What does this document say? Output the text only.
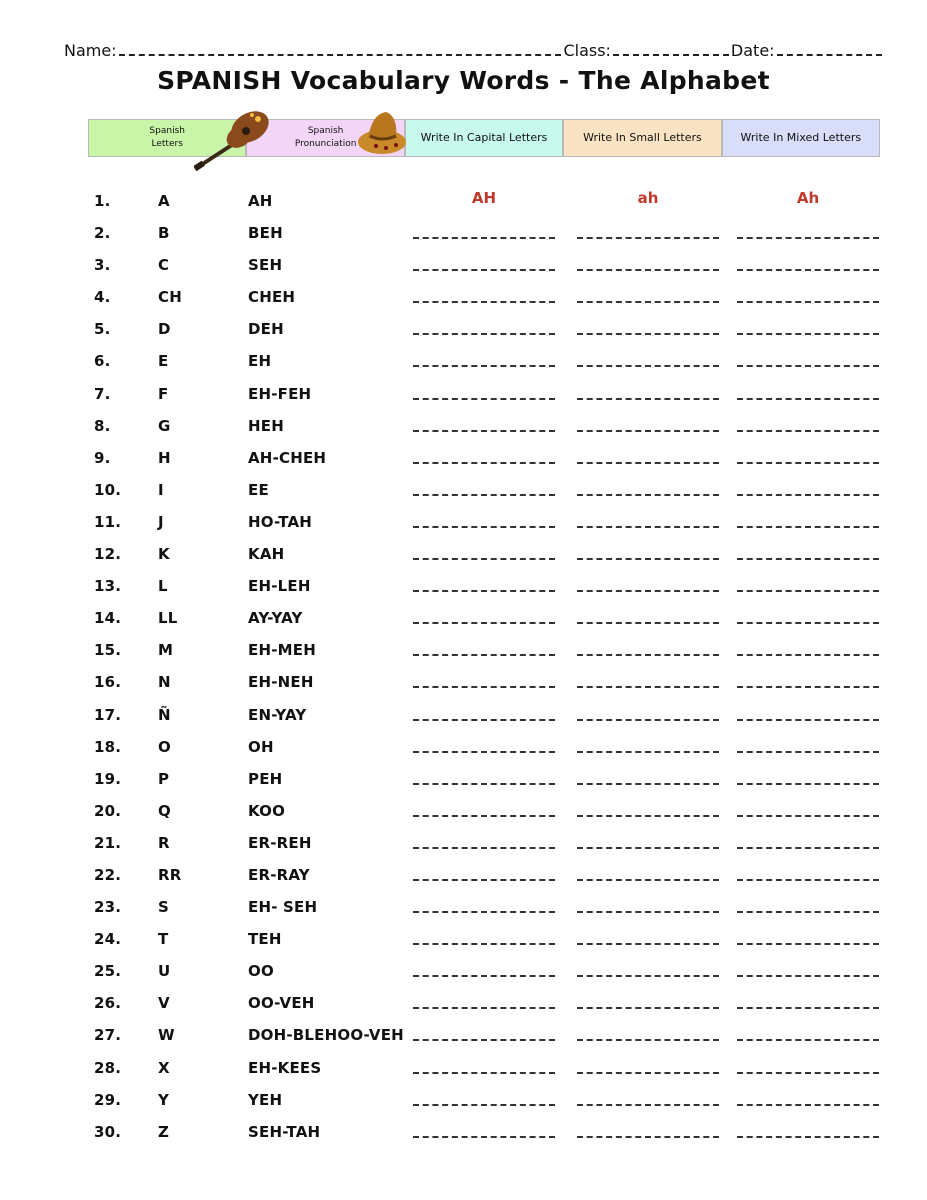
Name:	Class:	Date:
SPANISH Vocabulary Words - The Alphabet
Spanish
Letters
Spanish
Pronunciation	Write In Capital Letters	Write In Small Letters	Write In Mixed Letters
1.	A	AH	AH	ah	Ah
2.	B	BEH
3.	C	SEH
4.	CH	CHEH
5.	D	DEH
6.	E	EH
7.	F	EH-FEH
8.	G	HEH
9.	H	AH-CHEH
10. I	EE
11. J	HO-TAH
12. K	KAH
13. L	EH-LEH
14. LL	AY-YAY
15. M	EH-MEH
16. N	EH-NEH
17. Ñ	EN-YAY
18. O	OH
19. P	PEH
20. Q	KOO
21. R	ER-REH
22. RR	ER-RAY
23. S	EH- SEH
24. T	TEH
25. U	OO
26. V	OO-VEH
27. W	DOH-BLEHOO-VEH
28. X	EH-KEES
29. Y	YEH
30. Z	SEH-TAH
